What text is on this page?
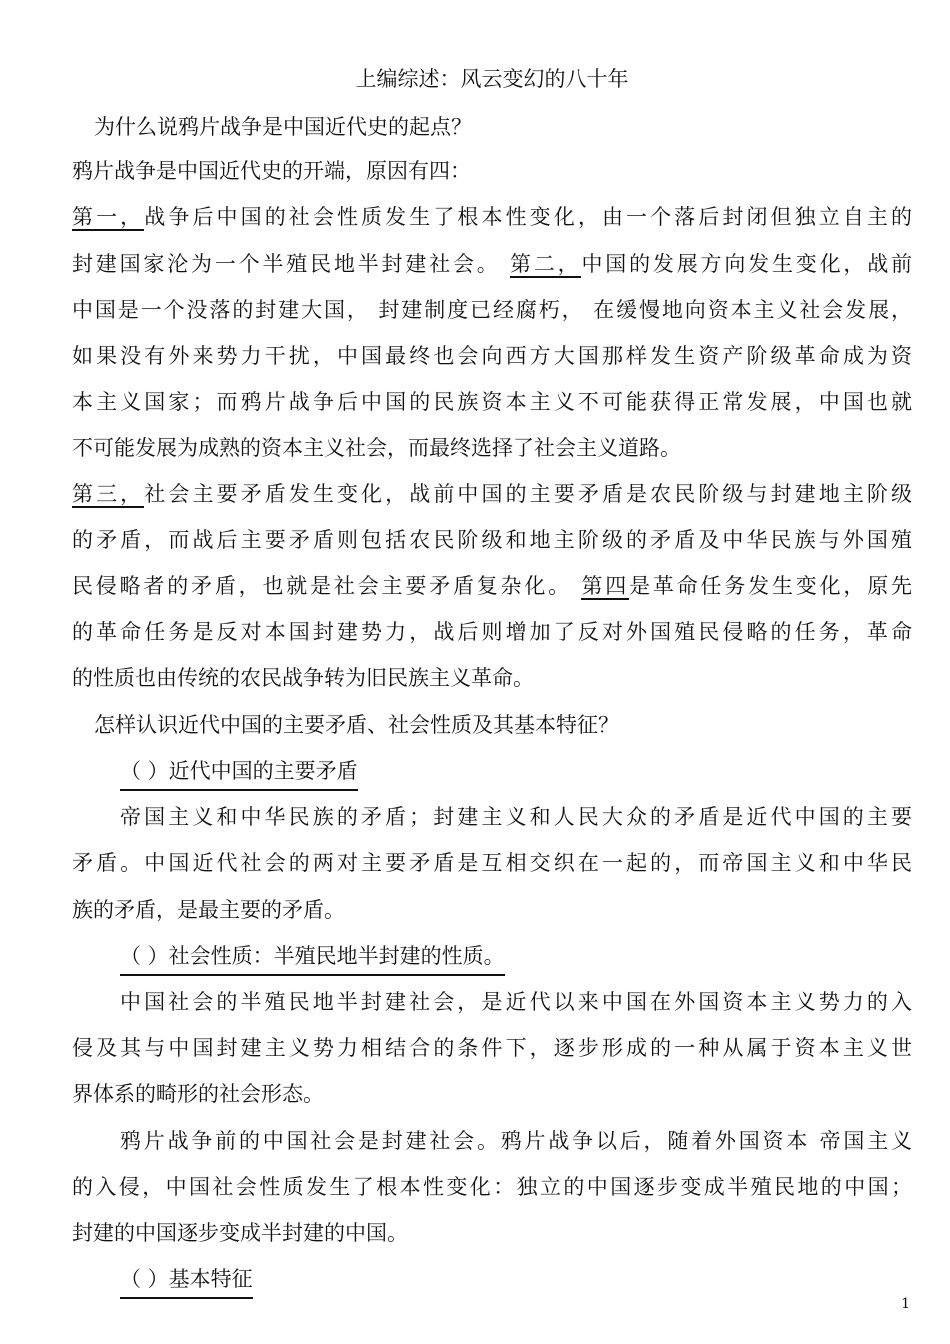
上编综述：风云变幻的八十年
为什么说鸦片战争是中国近代史的起点？
鸦片战争是中国近代史的开端，原因有四：
第一，战争后中国的社会性质发生了根本性变化，由一个落后封闭但独立自主的
封建国家沦为一个半殖民地半封建社会。 第二，中国的发展方向发生变化，战前
中国是一个没落的封建大国， 封建制度已经腐朽， 在缓慢地向资本主义社会发展，
如果没有外来势力干扰，中国最终也会向西方大国那样发生资产阶级革命成为资
本主义国家；而鸦片战争后中国的民族资本主义不可能获得正常发展，中国也就
不可能发展为成熟的资本主义社会，而最终选择了社会主义道路。
第三，社会主要矛盾发生变化，战前中国的主要矛盾是农民阶级与封建地主阶级
的矛盾，而战后主要矛盾则包括农民阶级和地主阶级的矛盾及中华民族与外国殖
民侵略者的矛盾，也就是社会主要矛盾复杂化。 第四是革命任务发生变化，原先
的革命任务是反对本国封建势力，战后则增加了反对外国殖民侵略的任务，革命
的性质也由传统的农民战争转为旧民族主义革命。
怎样认识近代中国的主要矛盾、社会性质及其基本特征？
（ ）近代中国的主要矛盾
帝国主义和中华民族的矛盾；封建主义和人民大众的矛盾是近代中国的主要
矛盾。中国近代社会的两对主要矛盾是互相交织在一起的，而帝国主义和中华民
族的矛盾，是最主要的矛盾。
（ ）社会性质：半殖民地半封建的性质。
中国社会的半殖民地半封建社会，是近代以来中国在外国资本主义势力的入
侵及其与中国封建主义势力相结合的条件下，逐步形成的一种从属于资本主义世
界体系的畸形的社会形态。
鸦片战争前的中国社会是封建社会。鸦片战争以后，随着外国资本 帝国主义
的入侵，中国社会性质发生了根本性变化：独立的中国逐步变成半殖民地的中国；
封建的中国逐步变成半封建的中国。
（ ）基本特征
1
